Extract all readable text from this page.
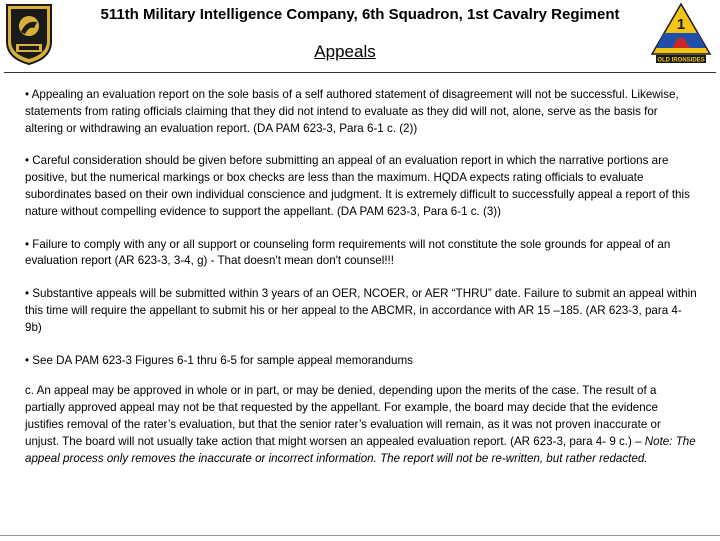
511th Military Intelligence Company, 6th Squadron, 1st Cavalry Regiment
1
OLD IRONSIDES
Appeals

• Appealing an evaluation report on the sole basis of a self authored statement of disagreement will not be successful. Likewise, statements from rating officials claiming that they did not intend to evaluate as they did will not, alone, serve as the basis for altering or withdrawing an evaluation report. (DA PAM 623-3, Para 6-1 c. (2))

• Careful consideration should be given before submitting an appeal of an evaluation report in which the narrative portions are positive, but the numerical markings or box checks are less than the maximum. HQDA expects rating officials to evaluate subordinates based on their own individual conscience and judgment. It is extremely difficult to successfully appeal a report of this nature without compelling evidence to support the appellant. (DA PAM 623-3, Para 6-1 c. (3))

• Failure to comply with any or all support or counseling form requirements will not constitute the sole grounds for appeal of an evaluation report (AR 623-3, 3-4, g) - That doesn't mean don't counsel!!!

• Substantive appeals will be submitted within 3 years of an OER, NCOER, or AER “THRU” date. Failure to submit an appeal within this time will require the appellant to submit his or her appeal to the ABCMR, in accordance with AR 15 –185. (AR 623-3, para 4- 9b)

• See DA PAM 623-3 Figures 6-1 thru 6-5 for sample appeal memorandums

c. An appeal may be approved in whole or in part, or may be denied, depending upon the merits of the case. The result of a partially approved appeal may not be that requested by the appellant. For example, the board may decide that the evidence justifies removal of the rater’s evaluation, but that the senior rater’s evaluation will remain, as it was not proven inaccurate or unjust. The board will not usually take action that might worsen an appealed evaluation report. (AR 623-3, para 4- 9 c.) – Note: The appeal process only removes the inaccurate or incorrect information. The report will not be re-written, but rather redacted.
